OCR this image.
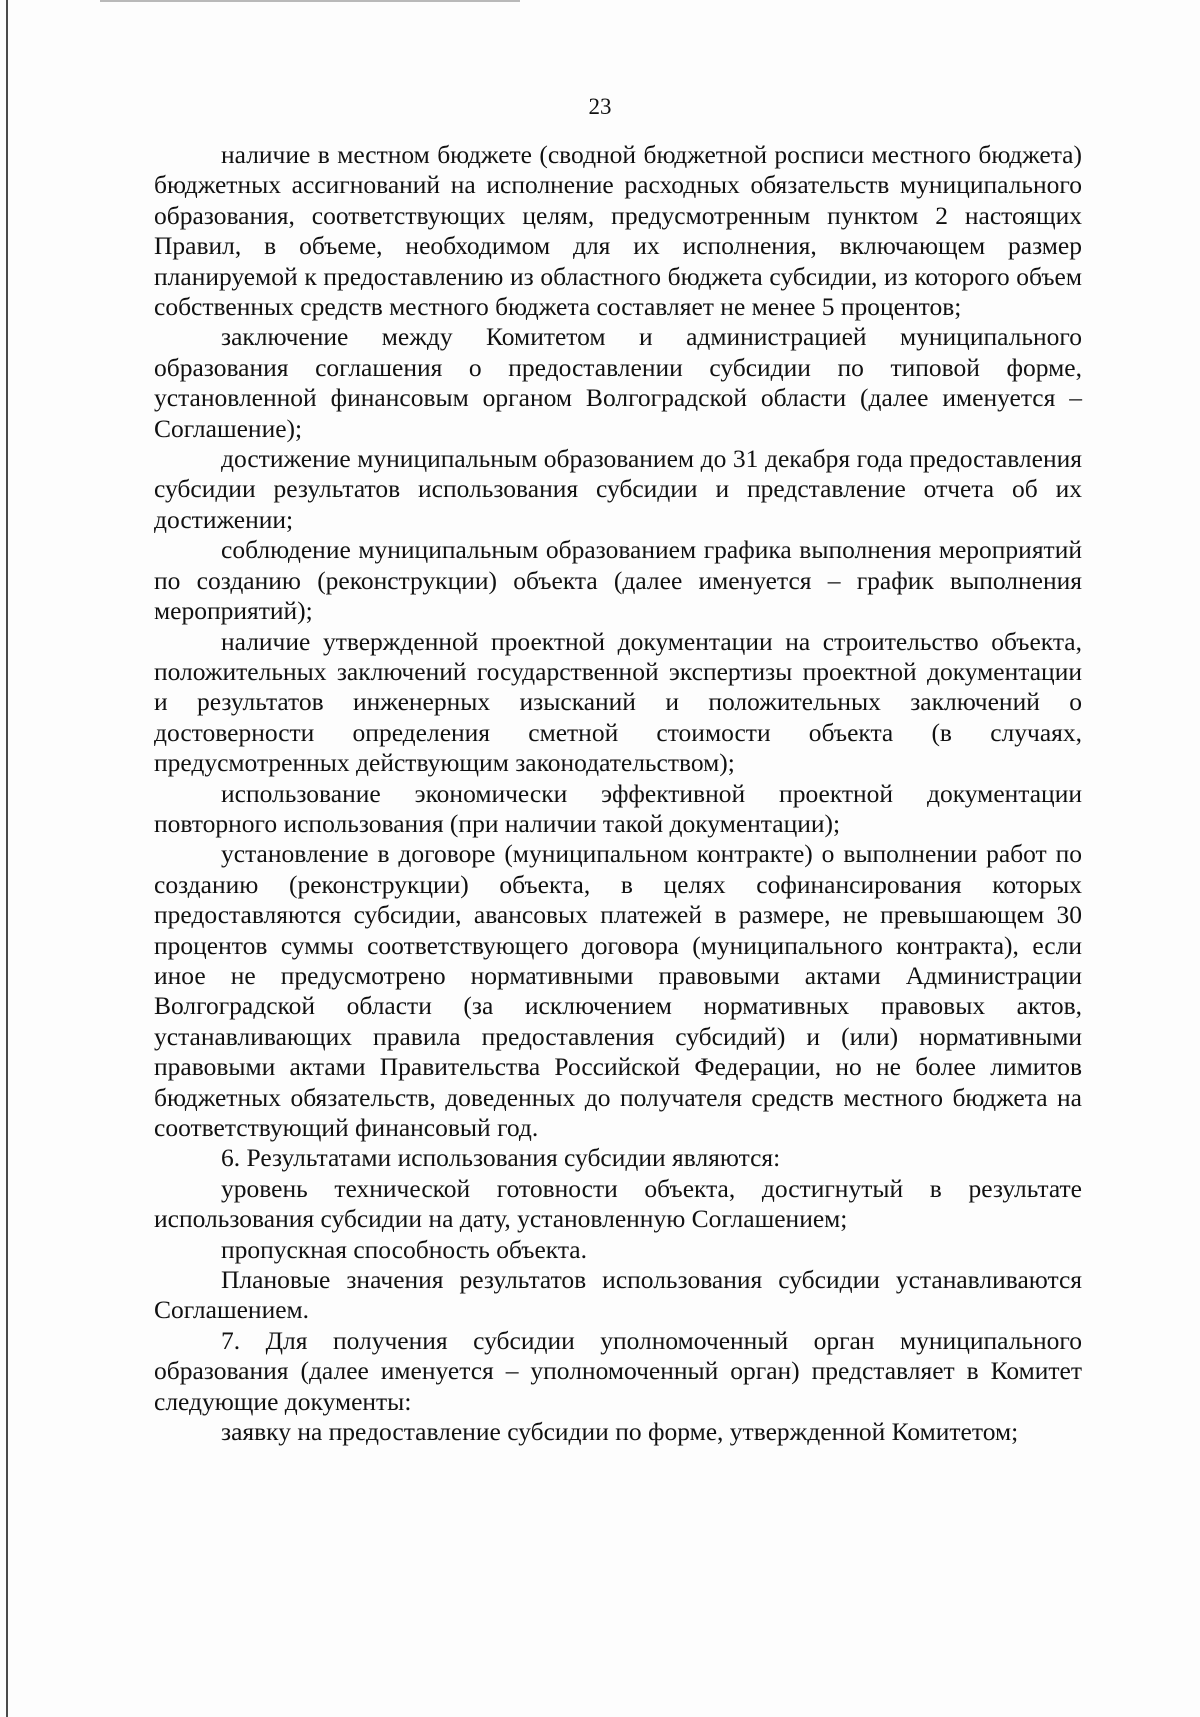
23

наличие в местном бюджете (сводной бюджетной росписи местного бюджета) бюджетных ассигнований на исполнение расходных обязательств муниципального образования, соответствующих целям, предусмотренным пунктом 2 настоящих Правил, в объеме, необходимом для их исполнения, включающем размер планируемой к предоставлению из областного бюджета субсидии, из которого объем собственных средств местного бюджета составляет не менее 5 процентов;

заключение между Комитетом и администрацией муниципального образования соглашения о предоставлении субсидии по типовой форме, установленной финансовым органом Волгоградской области (далее именуется – Соглашение);

достижение муниципальным образованием до 31 декабря года предоставления субсидии результатов использования субсидии и представление отчета об их достижении;

соблюдение муниципальным образованием графика выполнения мероприятий по созданию (реконструкции) объекта (далее именуется – график выполнения мероприятий);

наличие утвержденной проектной документации на строительство объекта, положительных заключений государственной экспертизы проектной документации и результатов инженерных изысканий и положительных заключений о достоверности определения сметной стоимости объекта (в случаях, предусмотренных действующим законодательством);

использование экономически эффективной проектной документации повторного использования (при наличии такой документации);

установление в договоре (муниципальном контракте) о выполнении работ по созданию (реконструкции) объекта, в целях софинансирования которых предоставляются субсидии, авансовых платежей в размере, не превышающем 30 процентов суммы соответствующего договора (муниципального контракта), если иное не предусмотрено нормативными правовыми актами Администрации Волгоградской области (за исключением нормативных правовых актов, устанавливающих правила предоставления субсидий) и (или) нормативными правовыми актами Правительства Российской Федерации, но не более лимитов бюджетных обязательств, доведенных до получателя средств местного бюджета на соответствующий финансовый год.

6. Результатами использования субсидии являются:

уровень технической готовности объекта, достигнутый в результате использования субсидии на дату, установленную Соглашением;

пропускная способность объекта.

Плановые значения результатов использования субсидии устанавливаются Соглашением.

7. Для получения субсидии уполномоченный орган муниципального образования (далее именуется – уполномоченный орган) представляет в Комитет следующие документы:

заявку на предоставление субсидии по форме, утвержденной Комитетом;
